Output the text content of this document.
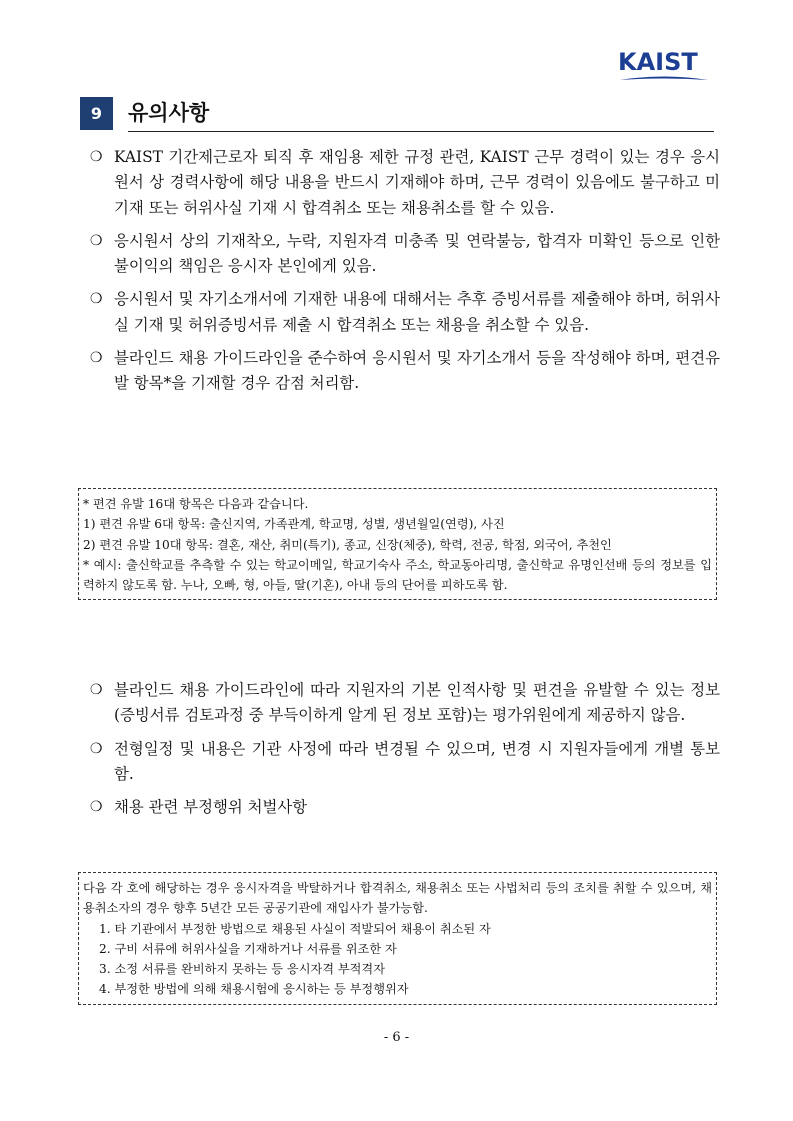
KAIST
9	유의사항
❍ KAIST 기간제근로자 퇴직 후 재임용 제한 규정 관련, KAIST 근무 경력이 있는 경우 응시원서 상 경력사항에 해당 내용을 반드시 기재해야 하며, 근무 경력이 있음에도 불구하고 미기재 또는 허위사실 기재 시 합격취소 또는 채용취소를 할 수 있음.
❍ 응시원서 상의 기재착오, 누락, 지원자격 미충족 및 연락불능, 합격자 미확인 등으로 인한 불이익의 책임은 응시자 본인에게 있음.
❍ 응시원서 및 자기소개서에 기재한 내용에 대해서는 추후 증빙서류를 제출해야 하며, 허위사실 기재 및 허위증빙서류 제출 시 합격취소 또는 채용을 취소할 수 있음.
❍ 블라인드 채용 가이드라인을 준수하여 응시원서 및 자기소개서 등을 작성해야 하며, 편견유발 항목*을 기재할 경우 감점 처리함.

* 편견 유발 16대 항목은 다음과 같습니다.

1) 편견 유발 6대 항목: 출신지역, 가족관계, 학교명, 성별, 생년월일(연령), 사진

2) 편견 유발 10대 항목: 결혼, 재산, 취미(특기), 종교, 신장(체중), 학력, 전공, 학점, 외국어, 추천인

* 예시: 출신학교를 추측할 수 있는 학교이메일, 학교기숙사 주소, 학교동아리명, 출신학교 유명인선배 등의 정보를 입력하지 않도록 함. 누나, 오빠, 형, 아들, 딸(기혼), 아내 등의 단어를 피하도록 함.

❍ 블라인드 채용 가이드라인에 따라 지원자의 기본 인적사항 및 편견을 유발할 수 있는 정보(증빙서류 검토과정 중 부득이하게 알게 된 정보 포함)는 평가위원에게 제공하지 않음.
❍ 전형일정 및 내용은 기관 사정에 따라 변경될 수 있으며, 변경 시 지원자들에게 개별 통보함.
❍ 채용 관련 부정행위 처벌사항

다음 각 호에 해당하는 경우 응시자격을 박탈하거나 합격취소, 채용취소 또는 사법처리 등의 조치를 취할 수 있으며, 채용취소자의 경우 향후 5년간 모든 공공기관에 재입사가 불가능함.

1. 타 기관에서 부정한 방법으로 채용된 사실이 적발되어 채용이 취소된 자

2. 구비 서류에 허위사실을 기재하거나 서류를 위조한 자

3. 소정 서류를 완비하지 못하는 등 응시자격 부적격자

4. 부정한 방법에 의해 채용시험에 응시하는 등 부정행위자

- 6 -
